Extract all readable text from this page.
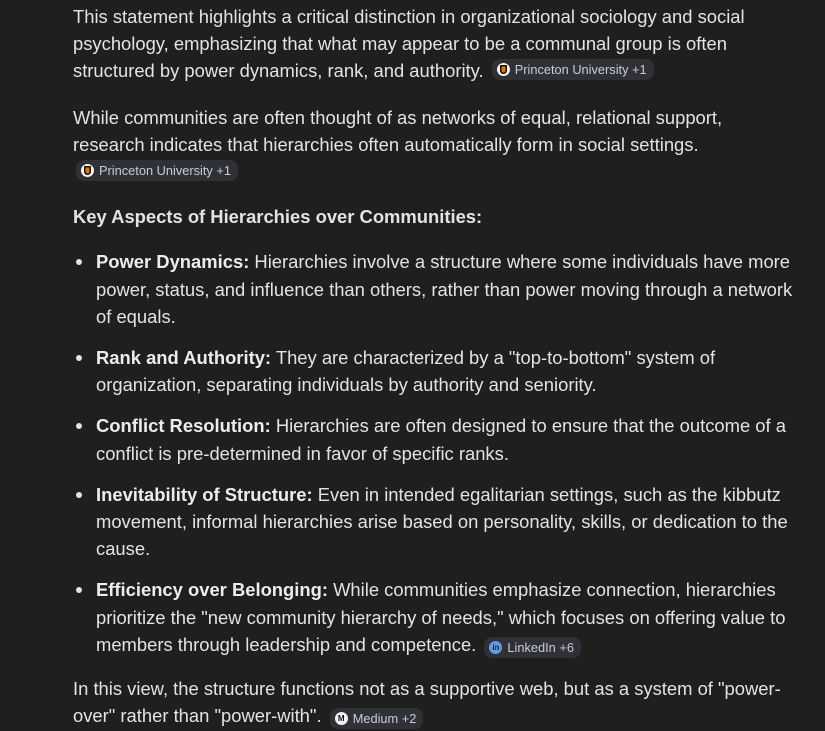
This statement highlights a critical distinction in organizational sociology and social psychology, emphasizing that what may appear to be a communal group is often structured by power dynamics, rank, and authority. Princeton University +1

While communities are often thought of as networks of equal, relational support, research indicates that hierarchies often automatically form in social settings.
Princeton University +1

Key Aspects of Hierarchies over Communities:

Power Dynamics: Hierarchies involve a structure where some individuals have more power, status, and influence than others, rather than power moving through a network of equals.
Rank and Authority: They are characterized by a "top-to-bottom" system of organization, separating individuals by authority and seniority.
Conflict Resolution: Hierarchies are often designed to ensure that the outcome of a conflict is pre-determined in favor of specific ranks.
Inevitability of Structure: Even in intended egalitarian settings, such as the kibbutz movement, informal hierarchies arise based on personality, skills, or dedication to the cause.
Efficiency over Belonging: While communities emphasize connection, hierarchies prioritize the "new community hierarchy of needs," which focuses on offering value to members through leadership and competence.	in LinkedIn +6

In this view, the structure functions not as a supportive web, but as a system of "power-over" rather than "power-with".	M Medium +2
